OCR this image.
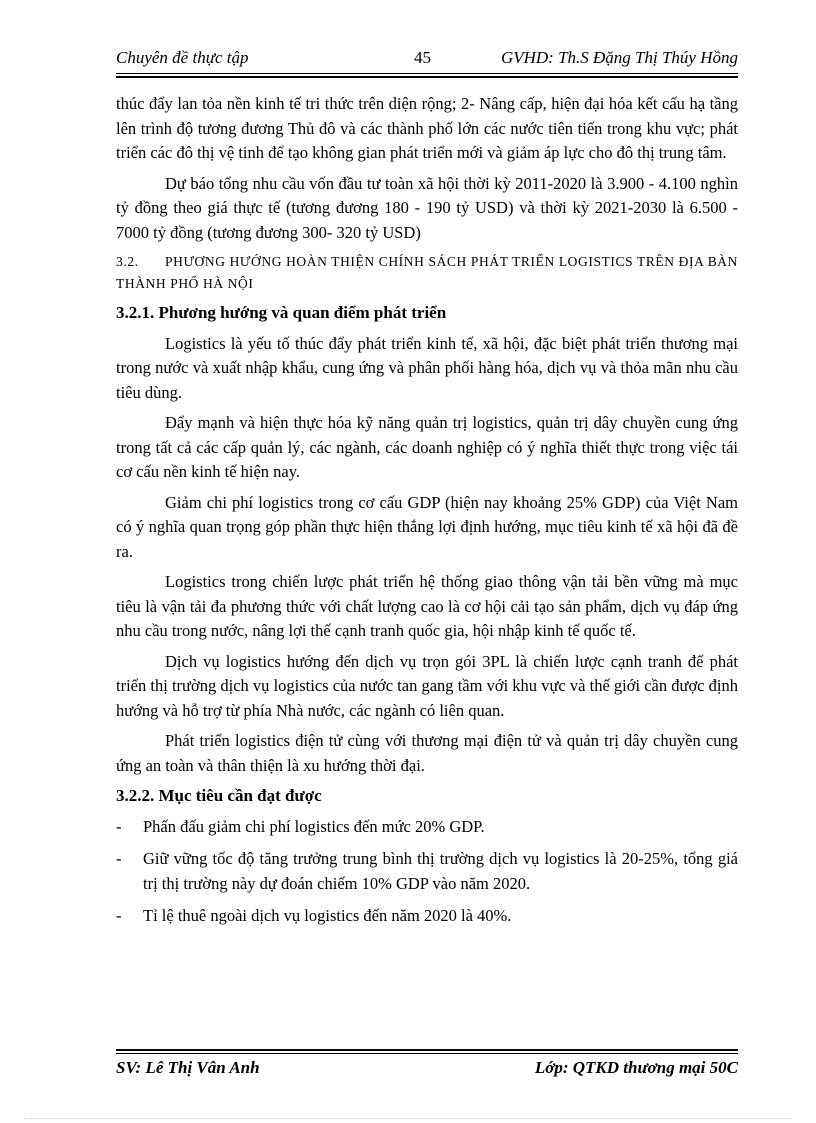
Chuyên đề thực tập	45	GVHD: Th.S Đặng Thị Thúy Hồng

thúc đẩy lan tỏa nền kinh tế tri thức trên diện rộng; 2- Nâng cấp, hiện đại hóa kết cấu hạ tầng lên trình độ tương đương Thủ đô và các thành phố lớn các nước tiên tiến trong khu vực; phát triển các đô thị vệ tinh để tạo không gian phát triển mới và giảm áp lực cho đô thị trung tâm.

Dự báo tổng nhu cầu vốn đầu tư toàn xã hội thời kỳ 2011-2020 là 3.900 - 4.100 nghìn tỷ đồng theo giá thực tế (tương đương 180 - 190 tỷ USD) và thời kỳ 2021-2030 là 6.500 - 7000 tỷ đồng (tương đương 300- 320 tỷ USD)

3.2. PHƯƠNG HƯỚNG HOÀN THIỆN CHÍNH SÁCH PHÁT TRIỂN LOGISTICS TRÊN ĐỊA BÀN THÀNH PHỐ HÀ NỘI

3.2.1. Phương hướng và quan điểm phát triển

Logistics là yếu tố thúc đẩy phát triển kinh tế, xã hội, đặc biệt phát triển thương mại trong nước và xuất nhập khẩu, cung ứng và phân phối hàng hóa, dịch vụ và thỏa mãn nhu cầu tiêu dùng.

Đẩy mạnh và hiện thực hóa kỹ năng quản trị logistics, quản trị dây chuyền cung ứng trong tất cả các cấp quản lý, các ngành, các doanh nghiệp có ý nghĩa thiết thực trong việc tái cơ cấu nền kinh tế hiện nay.

Giảm chi phí logistics trong cơ cấu GDP (hiện nay khoảng 25% GDP) của Việt Nam có ý nghĩa quan trọng góp phần thực hiện thắng lợi định hướng, mục tiêu kinh tế xã hội đã đề ra.

Logistics trong chiến lược phát triển hệ thống giao thông vận tải bền vững mà mục tiêu là vận tải đa phương thức với chất lượng cao là cơ hội cải tạo sản phẩm, dịch vụ đáp ứng nhu cầu trong nước, nâng lợi thế cạnh tranh quốc gia, hội nhập kinh tế quốc tế.

Dịch vụ logistics hướng đến dịch vụ trọn gói 3PL là chiến lược cạnh tranh để phát triển thị trường dịch vụ logistics của nước tan gang tầm với khu vực và thế giới cần được định hướng và hỗ trợ từ phía Nhà nước, các ngành có liên quan.

Phát triển logistics điện tử cùng với thương mại điện tử và quản trị dây chuyền cung ứng an toàn và thân thiện là xu hướng thời đại.

3.2.2. Mục tiêu cần đạt được

- Phấn đấu giảm chi phí logistics đến mức 20% GDP.

- Giữ vững tốc độ tăng trưởng trung bình thị trường dịch vụ logistics là 20-25%, tổng giá trị thị trường này dự đoán chiếm 10% GDP vào năm 2020.

- Tỉ lệ thuê ngoài dịch vụ logistics đến năm 2020 là 40%.

SV: Lê Thị Vân Anh	Lớp: QTKD thương mại 50C
